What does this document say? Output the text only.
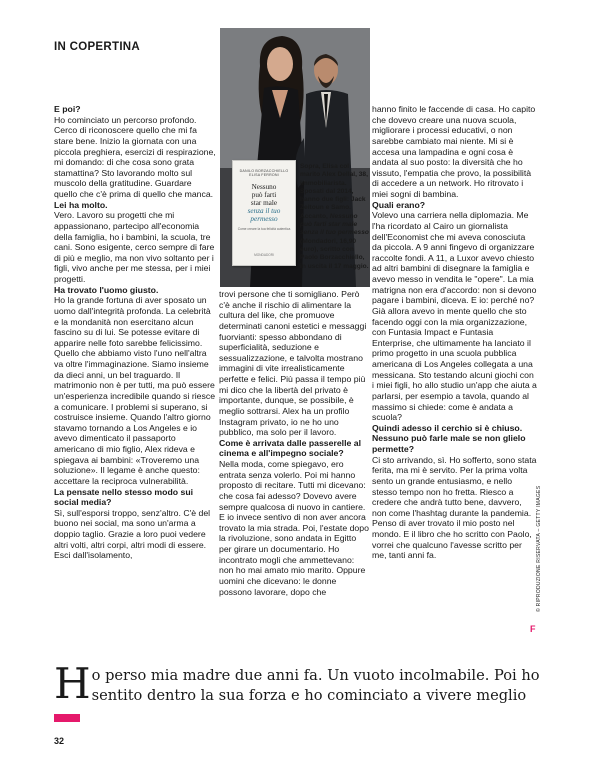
IN COPERTINA
DANILO BORZACCHIELLO ELISA FERRONI
Nessuno
può farti
star male
senza il tuo
permesso
Come creare la tua felicità autentica
MONDADORI
Sopra, Elisa col marito Alex Dellal, 38, immobiliarista. Sposati dal 2014, hanno due figli: Jack Zeitoun e Samo. Accanto, Nessuno può farti star male senza il tuo permesso (Mondadori, 16,90 euro), scritto con Paolo Borzacchiello, in uscita il 17 maggio.

E poi?

Ho cominciato un percorso profondo. Cerco di riconoscere quello che mi fa stare bene. Inizio la giornata con una piccola preghiera, esercizi di respirazione, mi domando: di che cosa sono grata stamattina? Sto lavorando molto sul muscolo della gratitudine. Guardare quello che c'è prima di quello che manca.

Lei ha molto.

Vero. Lavoro su progetti che mi appassionano, partecipo all'economia della famiglia, ho i bambini, la scuola, tre cani. Sono esigente, cerco sempre di fare di più e meglio, ma non vivo soltanto per i figli, vivo anche per me stessa, per i miei progetti.

Ha trovato l'uomo giusto.

Ho la grande fortuna di aver sposato un uomo dall'integrità profonda. La celebrità e la mondanità non esercitano alcun fascino su di lui. Se potesse evitare di apparire nelle foto sarebbe felicissimo. Quello che abbiamo visto l'uno nell'altra va oltre l'immaginazione. Siamo insieme da dieci anni, un bel traguardo. Il matrimonio non è per tutti, ma può essere un'esperienza incredibile quando si riesce a comunicare. I problemi si superano, si costruisce insieme. Quando l'altro giorno stavamo tornando a Los Angeles e io avevo dimenticato il passaporto americano di mio figlio, Alex rideva e spiegava ai bambini: «Troveremo una soluzione». Il legame è anche questo: accettare la reciproca vulnerabilità.

La pensate nello stesso modo sui social media?

Sì, sull'esporsi troppo, senz'altro. C'è del buono nei social, ma sono un'arma a doppio taglio. Grazie a loro puoi vedere altri volti, altri corpi, altri modi di essere. Esci dall'isolamento,

trovi persone che ti somigliano. Però c'è anche il rischio di alimentare la cultura del like, che promuove determinati canoni estetici e messaggi fuorvianti: spesso abbondano di superficialità, seduzione e sessualizzazione, e talvolta mostrano immagini di vite irrealisticamente perfette e felici. Più passa il tempo più mi dico che la libertà del privato è importante, dunque, se possibile, è meglio sottrarsi. Alex ha un profilo Instagram privato, io ne ho uno pubblico, ma solo per il lavoro.

Come è arrivata dalle passerelle al cinema e all'impegno sociale?

Nella moda, come spiegavo, ero entrata senza volerlo. Poi mi hanno proposto di recitare. Tutti mi dicevano: che cosa fai adesso? Dovevo avere sempre qualcosa di nuovo in cantiere. E io invece sentivo di non aver ancora trovato la mia strada. Poi, l'estate dopo la rivoluzione, sono andata in Egitto per girare un documentario. Ho incontrato mogli che ammettevano: non ho mai amato mio marito. Oppure uomini che dicevano: le donne possono lavorare, dopo che

hanno finito le faccende di casa. Ho capito che dovevo creare una nuova scuola, migliorare i processi educativi, o non sarebbe cambiato mai niente. Mi si è accesa una lampadina e ogni cosa è andata al suo posto: la diversità che ho vissuto, l'empatia che provo, la possibilità di accedere a un network. Ho ritrovato i miei sogni di bambina.

Quali erano?

Volevo una carriera nella diplomazia. Me l'ha ricordato al Cairo un giornalista dell'Economist che mi aveva conosciuta da piccola. A 9 anni fingevo di organizzare raccolte fondi. A 11, a Luxor avevo chiesto ad altri bambini di disegnare la famiglia e avevo messo in vendita le "opere". La mia matrigna non era d'accordo: non si devono pagare i bambini, diceva. E io: perché no? Già allora avevo in mente quello che sto facendo oggi con la mia organizzazione, con Funtasia Impact e Funtasia Enterprise, che ultimamente ha lanciato il primo progetto in una scuola pubblica americana di Los Angeles collegata a una messicana. Sto testando alcuni giochi con i miei figli, ho allo studio un'app che aiuta a parlarsi, per esempio a tavola, quando al massimo si chiede: come è andata a scuola?

Quindi adesso il cerchio si è chiuso. Nessuno può farle male se non glielo permette?

Ci sto arrivando, sì. Ho sofferto, sono stata ferita, ma mi è servito. Per la prima volta sento un grande entusiasmo, e nello stesso tempo non ho fretta. Riesco a credere che andrà tutto bene, davvero, non come l'hashtag durante la pandemia. Penso di aver trovato il mio posto nel mondo. E il libro che ho scritto con Paolo, vorrei che qualcuno l'avesse scritto per me, tanti anni fa.	© RIPRODUZIONE RISERVATA – GETTY IMAGES
F
Ho perso mia madre due anni fa. Un vuoto incolmabile. Poi ho sentito dentro la sua forza e ho cominciato a vivere meglio
32
